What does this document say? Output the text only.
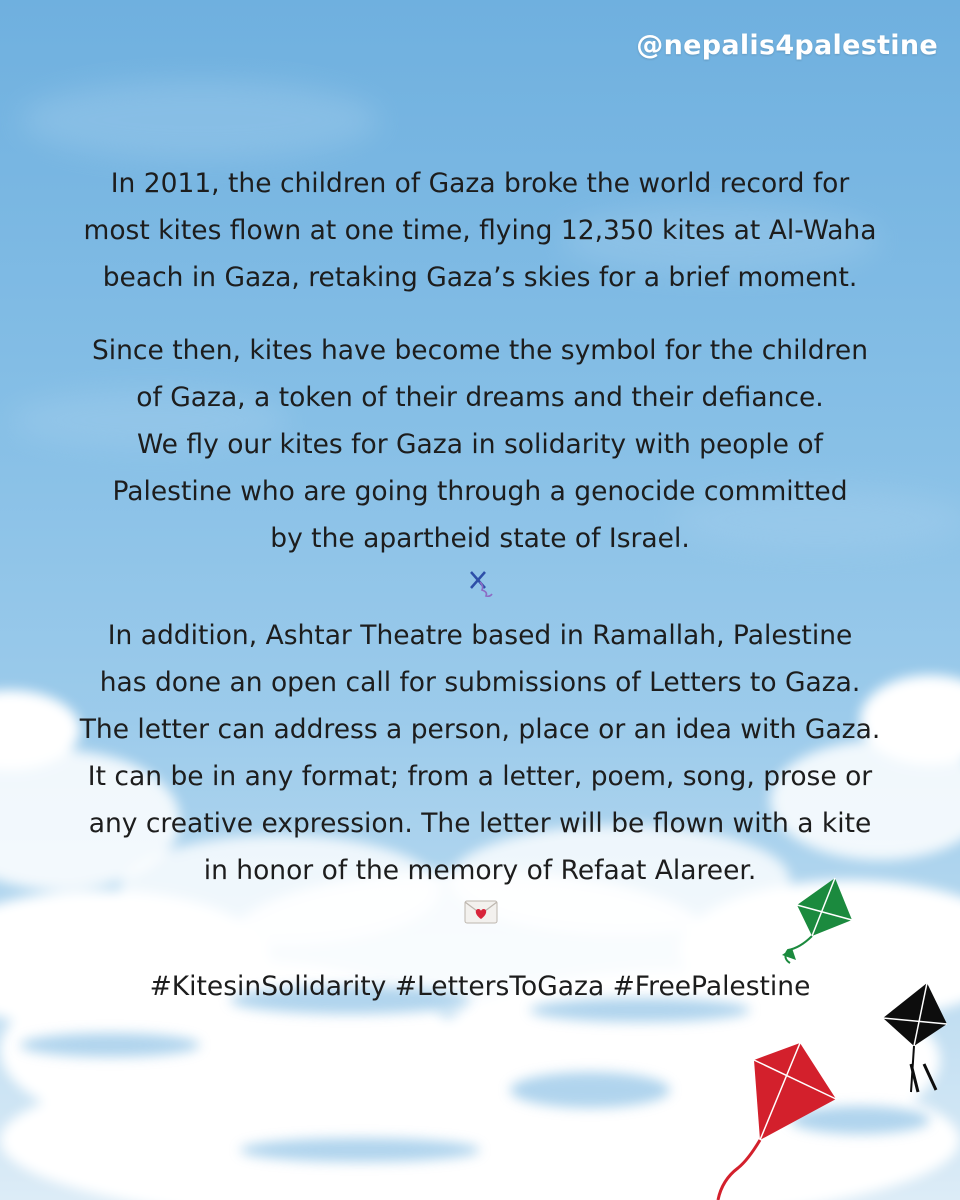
@nepalis4palestine
In 2011, the children of Gaza broke the world record for
most kites flown at one time, flying 12,350 kites at Al-Waha
beach in Gaza, retaking Gaza’s skies for a brief moment.
Since then, kites have become the symbol for the children
of Gaza, a token of their dreams and their defiance.
We fly our kites for Gaza in solidarity with people of
Palestine who are going through a genocide committed
by the apartheid state of Israel.
In addition, Ashtar Theatre based in Ramallah, Palestine
has done an open call for submissions of Letters to Gaza.
The letter can address a person, place or an idea with Gaza.
It can be in any format; from a letter, poem, song, prose or
any creative expression. The letter will be flown with a kite
in honor of the memory of Refaat Alareer.
#KitesinSolidarity #LettersToGaza #FreePalestine
